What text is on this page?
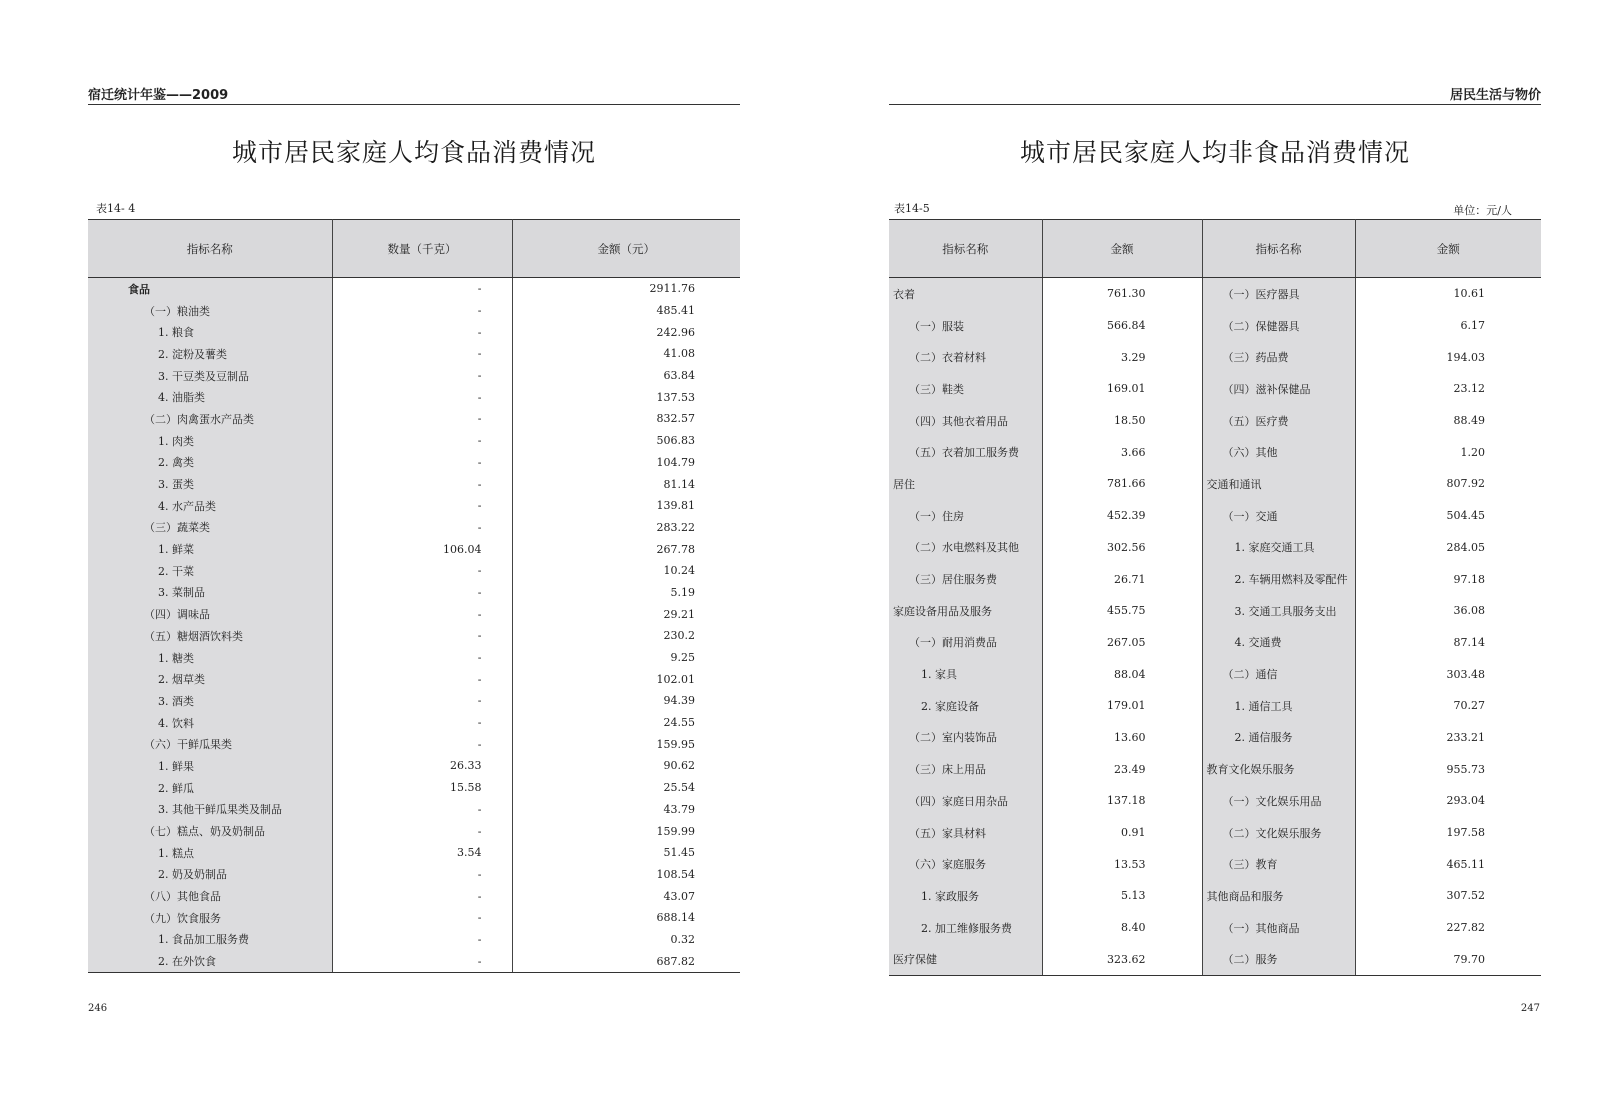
宿迁统计年鉴——2009
城市居民家庭人均食品消费情况
表14- 4
指标名称	数量（千克）	金额（元）
食品	-	2911.76
（一）粮油类	-	485.41
1. 粮食	-	242.96
2. 淀粉及薯类	-	41.08
3. 干豆类及豆制品	-	63.84
4. 油脂类	-	137.53
（二）肉禽蛋水产品类	-	832.57
1. 肉类	-	506.83
2. 禽类	-	104.79
3. 蛋类	-	81.14
4. 水产品类	-	139.81
（三）蔬菜类	-	283.22
1. 鲜菜	106.04	267.78
2. 干菜	-	10.24
3. 菜制品	-	5.19
（四）调味品	-	29.21
（五）糖烟酒饮料类	-	230.2
1. 糖类	-	9.25
2. 烟草类	-	102.01
3. 酒类	-	94.39
4. 饮料	-	24.55
（六）干鲜瓜果类	-	159.95
1. 鲜果	26.33	90.62
2. 鲜瓜	15.58	25.54
3. 其他干鲜瓜果类及制品	-	43.79
（七）糕点、奶及奶制品	-	159.99
1. 糕点	3.54	51.45
2. 奶及奶制品	-	108.54
（八）其他食品	-	43.07
（九）饮食服务	-	688.14
1. 食品加工服务费	-	0.32
2. 在外饮食	-	687.82
246
居民生活与物价
城市居民家庭人均非食品消费情况
表14-5	单位：元/人
指标名称	金额	指标名称	金额
衣着	761.30	（一）医疗器具	10.61
（一）服装	566.84	（二）保健器具	6.17
（二）衣着材料	3.29	（三）药品费	194.03
（三）鞋类	169.01	（四）滋补保健品	23.12
（四）其他衣着用品	18.50	（五）医疗费	88.49
（五）衣着加工服务费	3.66	（六）其他	1.20
居住	781.66	交通和通讯	807.92
（一）住房	452.39	（一）交通	504.45
（二）水电燃料及其他	302.56	1. 家庭交通工具	284.05
（三）居住服务费	26.71	2. 车辆用燃料及零配件	97.18
家庭设备用品及服务	455.75	3. 交通工具服务支出	36.08
（一）耐用消费品	267.05	4. 交通费	87.14
1. 家具	88.04	（二）通信	303.48
2. 家庭设备	179.01	1. 通信工具	70.27
（二）室内装饰品	13.60	2. 通信服务	233.21
（三）床上用品	23.49	教育文化娱乐服务	955.73
（四）家庭日用杂品	137.18	（一）文化娱乐用品	293.04
（五）家具材料	0.91	（二）文化娱乐服务	197.58
（六）家庭服务	13.53	（三）教育	465.11
1. 家政服务	5.13	其他商品和服务	307.52
2. 加工维修服务费	8.40	（一）其他商品	227.82
医疗保健	323.62	（二）服务	79.70
247
